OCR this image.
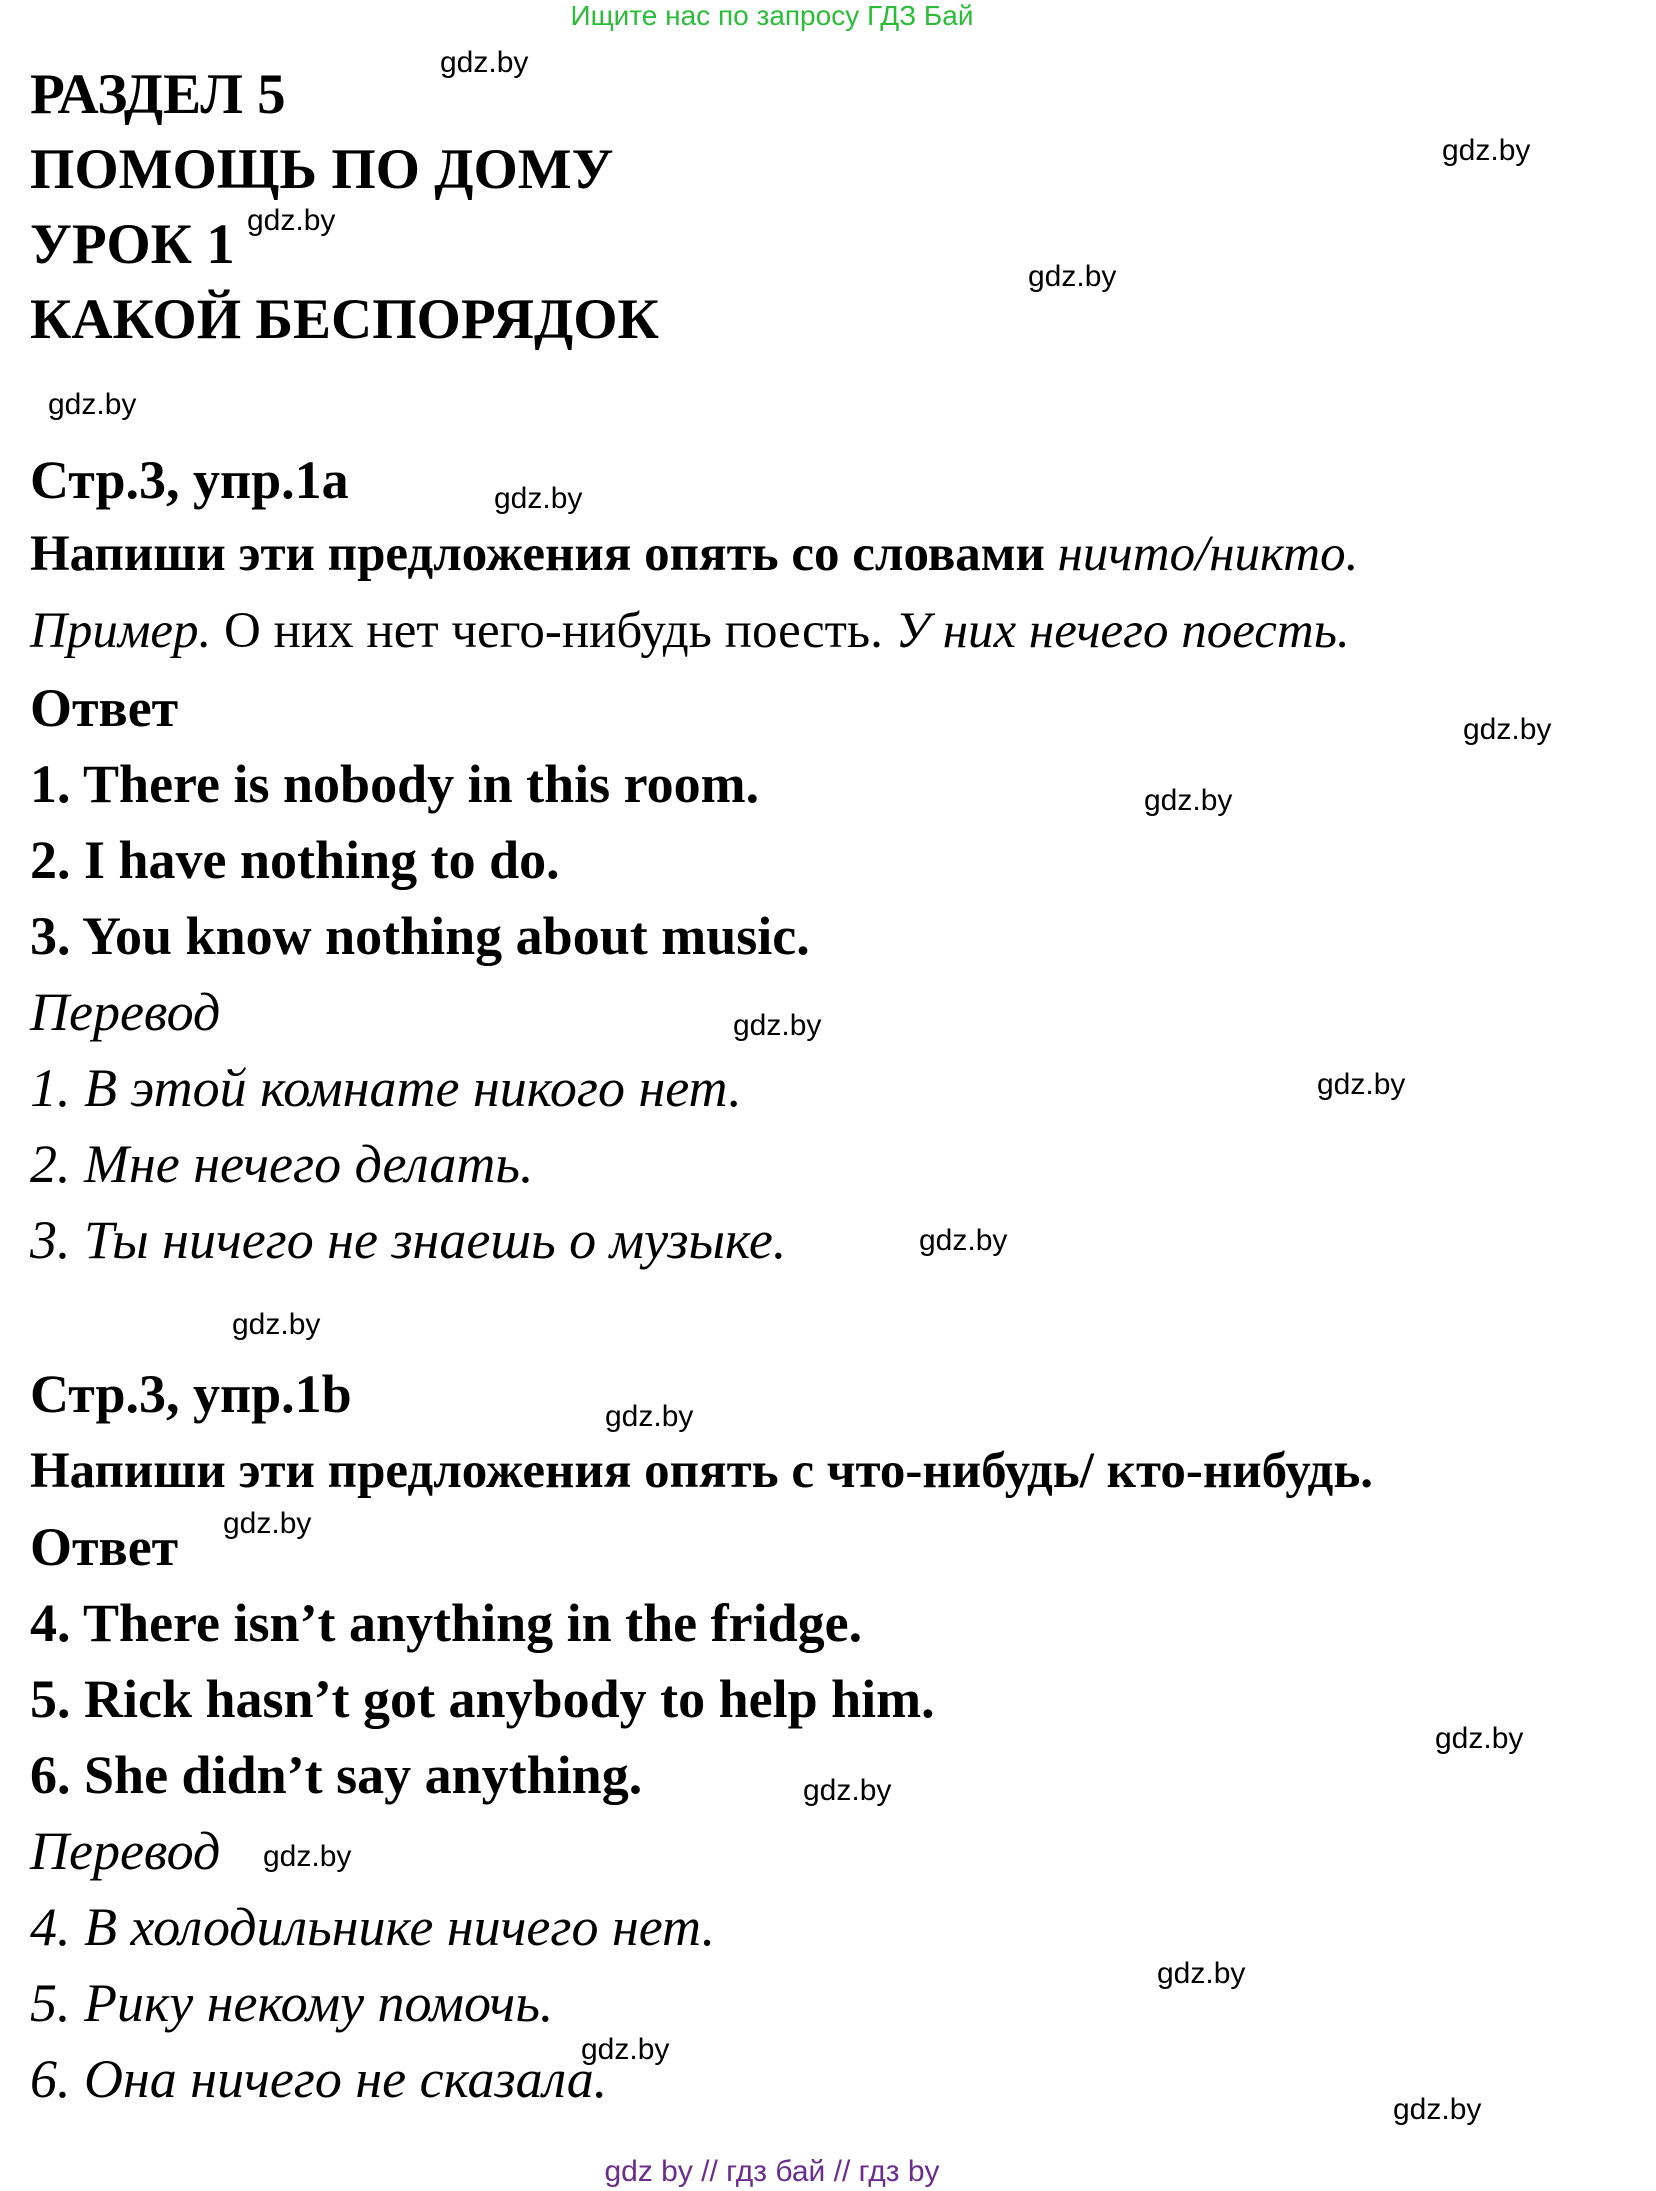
Ищите нас по запросу ГДЗ Бай
РАЗДЕЛ 5
ПОМОЩЬ ПО ДОМУ
УРОК 1
КАКОЙ БЕСПОРЯДОК
Стр.3, упр.1a
Напиши эти предложения опять со словами ничто/никто.
Пример. О них нет чего-нибудь поесть. У них нечего поесть.
Ответ
1. There is nobody in this room.
2. I have nothing to do.
3. You know nothing about music.
Перевод
1. В этой комнате никого нет.
2. Мне нечего делать.
3. Ты ничего не знаешь о музыке.
Стр.3, упр.1b
Напиши эти предложения опять с что-нибудь/ кто-нибудь.
Ответ
4. There isn’t anything in the fridge.
5. Rick hasn’t got anybody to help him.
6. She didn’t say anything.
Перевод
4. В холодильнике ничего нет.
5. Рику некому помочь.
6. Она ничего не сказала.
gdz.by
gdz.by
gdz.by
gdz.by
gdz.by
gdz.by
gdz.by
gdz.by
gdz.by
gdz.by
gdz.by
gdz.by
gdz.by
gdz.by
gdz.by
gdz.by
gdz.by
gdz.by
gdz.by
gdz.by
gdz by // гдз бай // гдз by
